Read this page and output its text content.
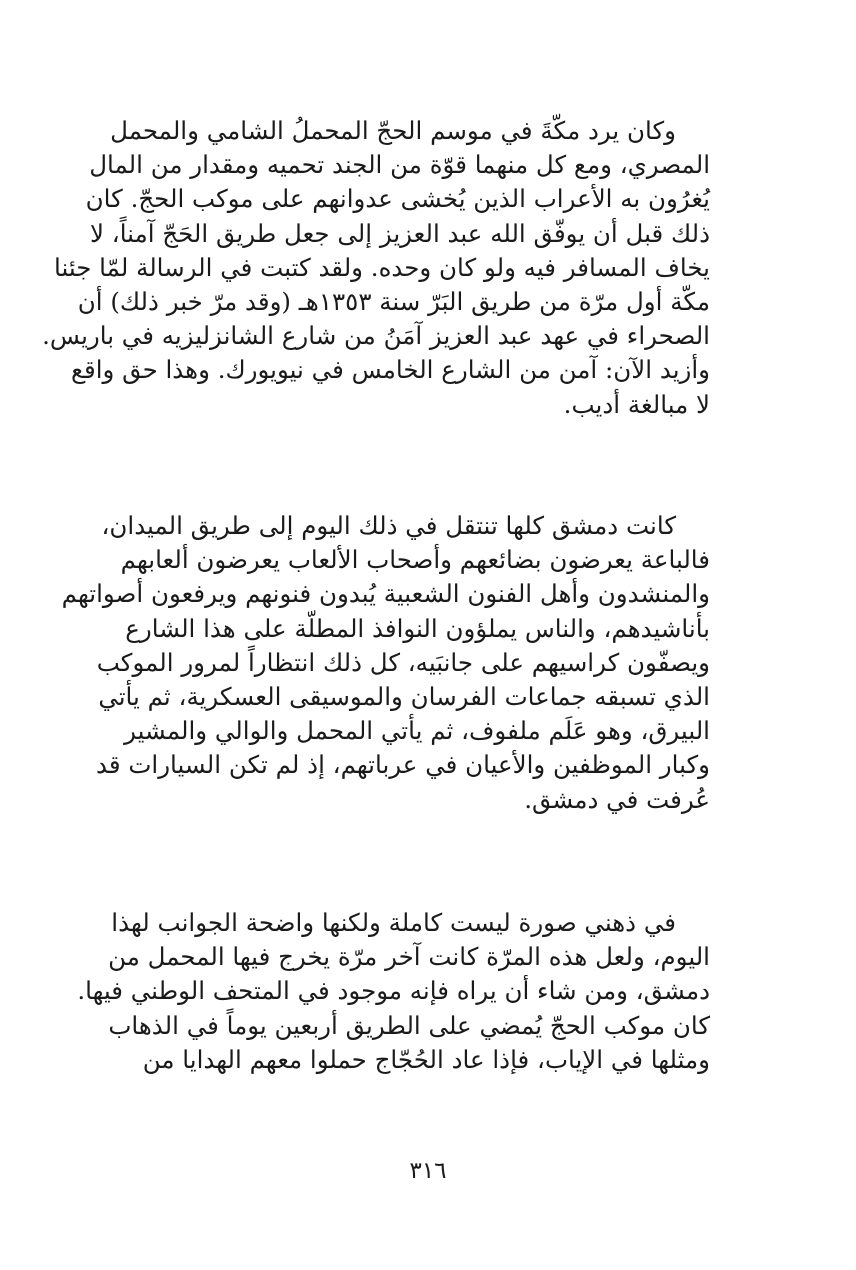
وكان يرد مكّةَ في موسم الحجّ المحملُ الشامي والمحمل
المصري، ومع كل منهما قوّة من الجند تحميه ومقدار من المال
يُغرُون به الأعراب الذين يُخشى عدوانهم على موكب الحجّ. كان
ذلك قبل أن يوفّق الله عبد العزيز إلى جعل طريق الحَجّ آمناً، لا
يخاف المسافر فيه ولو كان وحده. ولقد كتبت في الرسالة لمّا جئنا
مكّة أول مرّة من طريق البَرّ سنة ١٣٥٣هـ (وقد مرّ خبر ذلك) أن
الصحراء في عهد عبد العزيز آمَنُ من شارع الشانزليزيه في باريس.
وأزيد الآن: آمن من الشارع الخامس في نيويورك. وهذا حق واقع
لا مبالغة أديب.
كانت دمشق كلها تنتقل في ذلك اليوم إلى طريق الميدان،
فالباعة يعرضون بضائعهم وأصحاب الألعاب يعرضون ألعابهم
والمنشدون وأهل الفنون الشعبية يُبدون فنونهم ويرفعون أصواتهم
بأناشيدهم، والناس يملؤون النوافذ المطلّة على هذا الشارع
ويصفّون كراسيهم على جانبَيه، كل ذلك انتظاراً لمرور الموكب
الذي تسبقه جماعات الفرسان والموسيقى العسكرية، ثم يأتي
البيرق، وهو عَلَم ملفوف، ثم يأتي المحمل والوالي والمشير
وكبار الموظفين والأعيان في عرباتهم، إذ لم تكن السيارات قد
عُرفت في دمشق.
في ذهني صورة ليست كاملة ولكنها واضحة الجوانب لهذا
اليوم، ولعل هذه المرّة كانت آخر مرّة يخرج فيها المحمل من
دمشق، ومن شاء أن يراه فإنه موجود في المتحف الوطني فيها.
كان موكب الحجّ يُمضي على الطريق أربعين يوماً في الذهاب
ومثلها في الإياب، فإذا عاد الحُجّاج حملوا معهم الهدايا من
٣١٦
